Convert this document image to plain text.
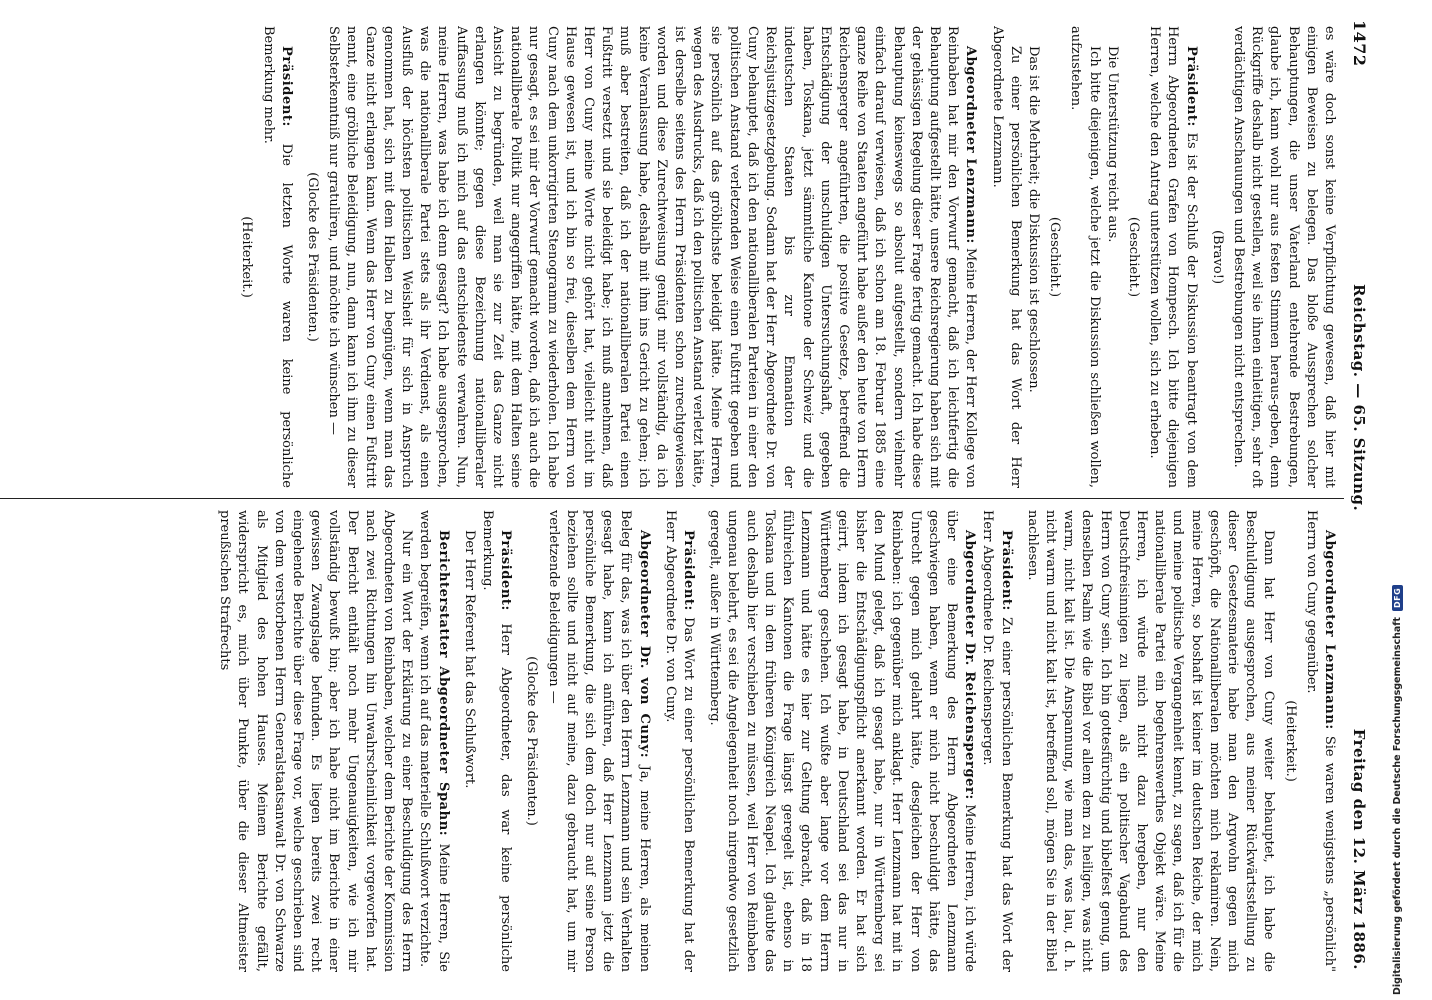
1472
Reichstag. — 65. Sitzung.
Freitag den 12. März 1886.

es wäre doch sonst keine Verpflichtung gewesen, daß hier mit einigen Beweisen zu belegen. Das bloße Aussprechen solcher Behauptungen, die unser Vaterland entehrende Bestrebungen, glaube ich, kann wohl nur aus festen Stimmen heraus-geben, denn Rückgriffe deshalb nicht gestellen, weil sie ihnen einleitigen, sehr oft verdächtigen Anschauungen und Bestrebungen nicht entsprechen.

(Bravo!)

Präsident: Es ist der Schluß der Diskussion beantragt von dem Herrn Abgeordneten Grafen von Hompesch. Ich bitte diejenigen Herren, welche den Antrag unterstützen wollen, sich zu erheben.

(Geschieht.)

Die Unterstützung reicht aus.

Ich bitte diejenigen, welche jetzt die Diskussion schließen wollen, aufzustehen.

(Geschieht.)

Das ist die Mehrheit; die Diskussion ist geschlossen.

Zu einer persönlichen Bemerkung hat das Wort der Herr Abgeordnete Lenzmann.

Abgeordneter Lenzmann: Meine Herren, der Herr Kollege von Reinbaben hat mir den Vorwurf gemacht, daß ich leichtfertig die Behauptung aufgestellt hätte, unsere Reichsregierung haben sich mit der gehässigen Regelung dieser Frage fertig gemacht. Ich habe diese Behauptung keineswegs so absolut aufgestellt, sondern vielmehr einfach darauf verwiesen, daß ich schon am 18. Februar 1885 eine ganze Reihe von Staaten angeführt habe außer den heute von Herrn Reichensperger angeführten, die positive Gesetze, betreffend die Entschädigung der unschuldigen Untersuchungshaft, gegeben haben, Toskana, jetzt sämmtliche Kantone der Schweiz und die indeutschen Staaten bis zur Emanation der Reichsjustizgesetzgebung. Sodann hat der Herr Abgeordnete Dr. von Cuny behauptet, daß ich den nationalliberalen Parteien in einer den politischen Anstand verletzenden Weise einen Fußtritt gegeben und sie persönlich auf das gröblichste beleidigt hätte. Meine Herren, wegen des Ausdrucks, daß ich den politischen Anstand verletzt hätte, ist derselbe seitens des Herrn Präsidenten schon zurechtgewiesen worden und diese Zurechtweisung genügt mir vollständig, da ich keine Veranlassung habe, deshalb mit ihm ins Gericht zu gehen; ich muß aber bestreiten, daß ich der nationalliberalen Partei einen Fußtritt versetzt und sie beleidigt habe; ich muß annehmen, daß Herr von Cuny meine Worte nicht gehört hat, vielleicht nicht im Hause gewesen ist, und ich bin so frei, dieselben dem Herrn von Cuny nach dem unkorrigirten Stenogramm zu wiederholen. Ich habe nur gesagt, es sei mir der Vorwurf gemacht worden, daß ich auch die nationalliberale Politik nur angegriffen hätte, mit dem Halten seine Ansicht zu begründen, weil man sie zur Zeit das Ganze nicht erlangen könnte; gegen diese Bezeichnung nationalliberaler Auffassung muß ich mich auf das entschiedenste verwahren. Nun, meine Herren, was habe ich denn gesagt? Ich habe ausgesprochen, was die nationalliberale Partei stets als ihr Verdienst, als einen Ausfluß der höchsten politischen Weisheit für sich in Anspruch genommen hat, sich mit dem Halben zu begnügen, wenn man das Ganze nicht erlangen kann. Wenn das Herr von Cuny einen Fußtritt nennt, eine gröbliche Beleidigung, nun, dann kann ich ihm zu dieser Selbsterkenntniß nur gratuliren, und möchte ich wünschen —

(Glocke des Präsidenten.)

Präsident: Die letzten Worte waren keine persönliche Bemerkung mehr.

(Heiterkeit.)

Abgeordneter Lenzmann: Sie waren wenigstens „persönlich" Herrn von Cuny gegenüber.

(Heiterkeit.)

Dann hat Herr von Cuny weiter behauptet, ich habe die Beschuldigung ausgesprochen, aus meiner Rückwärtsstellung zu dieser Gesetzesmaterie habe man den Argwohn gegen mich geschöpft, die Nationalliberalen möchten mich reklamiren. Nein, meine Herren, so boshaft ist keiner im deutschen Reiche, der mich und meine politische Vergangenheit kennt, zu sagen, daß ich für die nationalliberale Partei ein begehrenswerthes Objekt wäre. Meine Herren, ich würde mich nicht dazu hergeben, nur den Deutschfreisinnigen zu liegen, als ein politischer Vagabund des Herrn von Cuny sein. Ich bin gottesfürchtig und bibelfest genug, um denselben Psalm wie die Bibel vor allem dem zu heiligen, was nicht warm, nicht kalt ist. Die Anspannung, wie man das, was lau, d. h. nicht warm und nicht kalt ist, betreffend soll, mögen Sie in der Bibel nachlesen.

Präsident: Zu einer persönlichen Bemerkung hat das Wort der Herr Abgeordnete Dr. Reichensperger.

Abgeordneter Dr. Reichensperger: Meine Herren, ich würde über eine Bemerkung des Herrn Abgeordneten Lenzmann geschwiegen haben, wenn er mich nicht beschuldigt hätte, das Unrecht gegen mich gelahrt hätte, desgleichen der Herr von Reinbaben: ich gegenüber mich anklagt. Herr Lenzmann hat mit in den Mund gelegt, daß ich gesagt habe, nur in Württemberg sei bisher die Entschädigungspflicht anerkannt worden. Er hat sich geirrt, indem ich gesagt habe, in Deutschland sei das nur in Württemberg geschehen. Ich wußte aber lange vor dem Herrn Lenzmann und hätte es hier zur Geltung gebracht, daß in 18 fühlreichen Kantonen die Frage längst geregelt ist, ebenso in Toskana und in dem früheren Königreich Neapel. Ich glaubte das auch deshalb hier verschieben zu müssen, weil Herr von Reinbaben ungenau belehrt, es sei die Angelegenheit noch nirgendwo gesetzlich geregelt, außer in Württemberg.

Präsident: Das Wort zu einer persönlichen Bemerkung hat der Herr Abgeordnete Dr. von Cuny.

Abgeordneter Dr. von Cuny: Ja, meine Herren, als meinen Beleg für das, was ich über den Herrn Lenzmann und sein Verhalten gesagt habe, kann ich anführen, daß Herr Lenzmann jetzt die persönliche Bemerkung, die sich dem doch nur auf seine Person beziehen sollte und nicht auf meine, dazu gebraucht hat, um mir verletzende Beleidigungen —

(Glocke des Präsidenten.)

Präsident: Herr Abgeordneter, das war keine persönliche Bemerkung.

Der Herr Referent hat das Schlußwort.

Berichterstatter Abgeordneter Spahn: Meine Herren, Sie werden begreifen, wenn ich auf das materielle Schlußwort verzichte.

Nur ein Wort der Erklärung zu einer Beschuldigung des Herrn Abgeordneten von Reinbaben, welcher dem Berichte der Kommission nach zwei Richtungen hin Unwahrscheinlichkeit vorgeworfen hat. Der Bericht enthält noch mehr Ungenauigkeiten, wie ich mir vollständig bewußt bin; aber ich habe nicht im Berichte in einer gewissen Zwangslage befunden. Es liegen bereits zwei recht eingehende Berichte über diese Frage vor, welche geschrieben sind von dem verstorbenen Herrn Generalstaatsanwalt Dr. von Schwarze als Mitglied des hohen Hauses. Meinem Berichte gefällt, widerspricht es, mich über Punkte, über die dieser Altmeister preußischen Strafrechts

Digitalisierung gefördert durch die Deutsche Forschungsgemeinschaft
DFG
